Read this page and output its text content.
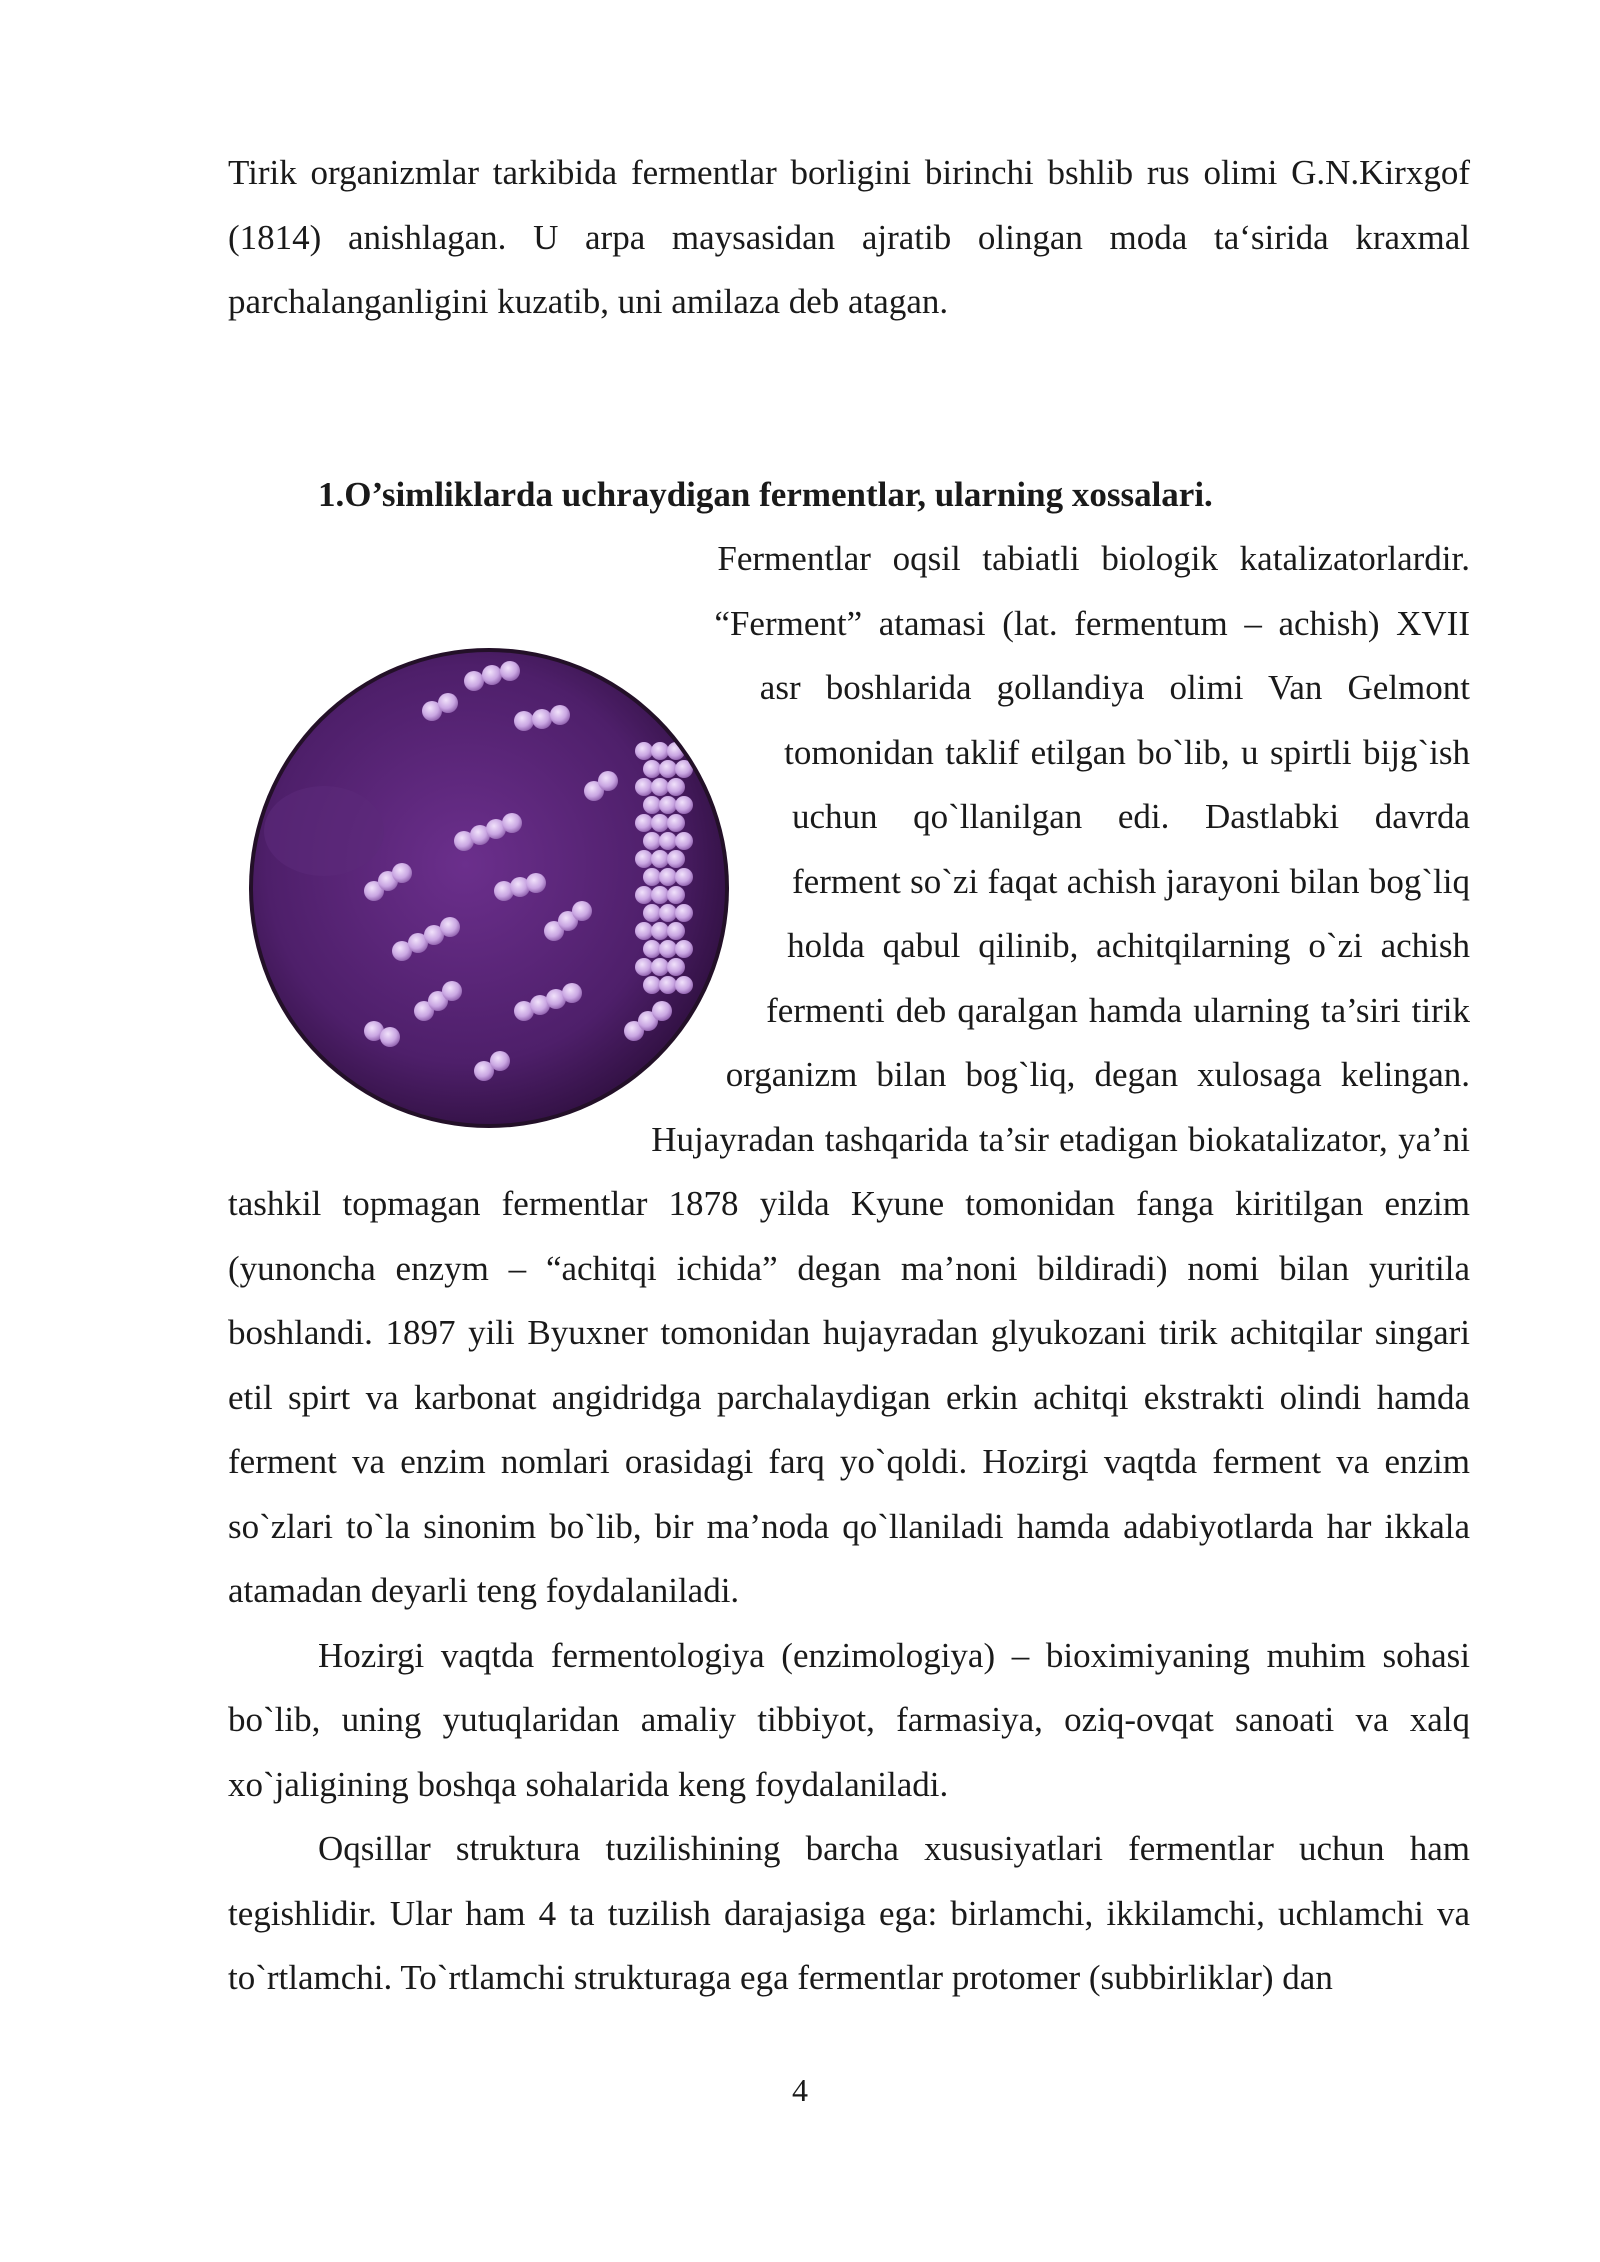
Tirik organizmlar tarkibida fermentlar borligini birinchi bshlib rus olimi G.N.Kirxgof (1814) anishlagan. U arpa maysasidan ajratib olingan moda ta‘sirida kraxmal parchalanganligini kuzatib, uni amilaza deb atagan.

1.O’simliklarda uchraydigan fermentlar, ularning xossalari.

Fermentlar oqsil tabiatli biologik katalizatorlardir. “Ferment” atamasi (lat. fermentum – achish) XVII asr boshlarida gollandiya olimi Van Gelmont tomonidan taklif etilgan bo`lib, u spirtli bijg`ish uchun qo`llanilgan edi. Dastlabki davrda ferment so`zi faqat achish jarayoni bilan bog`liq holda qabul qilinib, achitqilarning o`zi achish fermenti deb qaralgan hamda ularning ta’siri tirik organizm bilan bog`liq, degan xulosaga kelingan. Hujayradan tashqarida ta’sir etadigan biokatalizator, ya’ni tashkil topmagan fermentlar 1878 yilda Kyune tomonidan fanga kiritilgan enzim (yunoncha enzym – “achitqi ichida” degan ma’noni bildiradi) nomi bilan yuritila boshlandi. 1897 yili Byuxner tomonidan hujayradan glyukozani tirik achitqilar singari etil spirt va karbonat angidridga parchalaydigan erkin achitqi ekstrakti olindi hamda ferment va enzim nomlari orasidagi farq yo`qoldi. Hozirgi vaqtda ferment va enzim so`zlari to`la sinonim bo`lib, bir ma’noda qo`llaniladi hamda adabiyotlarda har ikkala atamadan deyarli teng foydalaniladi.

Hozirgi vaqtda fermentologiya (enzimologiya) – bioximiyaning muhim sohasi bo`lib, uning yutuqlaridan amaliy tibbiyot, farmasiya, oziq-ovqat sanoati va xalq xo`jaligining boshqa sohalarida keng foydalaniladi.

Oqsillar struktura tuzilishining barcha xususiyatlari fermentlar uchun ham tegishlidir. Ular ham 4 ta tuzilish darajasiga ega: birlamchi, ikkilamchi, uchlamchi va to`rtlamchi. To`rtlamchi strukturaga ega fermentlar protomer (subbirliklar) dan

4
